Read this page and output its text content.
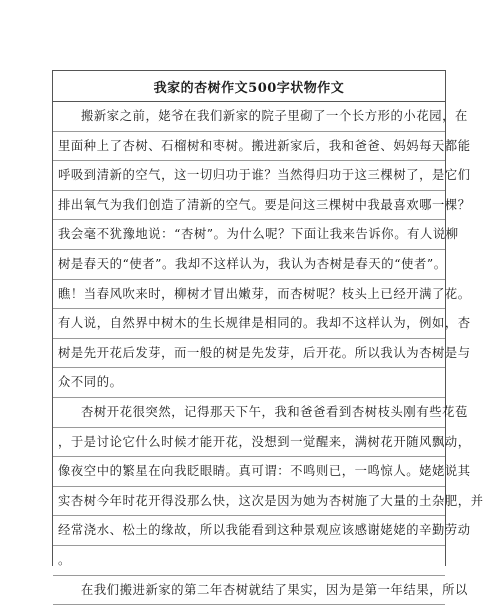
我家的杏树作文500字状物作文
搬新家之前，姥爷在我们新家的院子里砌了一个长方形的小花园，在
里面种上了杏树、石榴树和枣树。搬进新家后，我和爸爸、妈妈每天都能
呼吸到清新的空气，这一切归功于谁？当然得归功于这三棵树了，是它们
排出氧气为我们创造了清新的空气。要是问这三棵树中我最喜欢哪一棵？
我会毫不犹豫地说：“杏树”。为什么呢？下面让我来告诉你。有人说柳
树是春天的“使者”。我却不这样认为，我认为杏树是春天的“使者”。
瞧！当春风吹来时，柳树才冒出嫩芽，而杏树呢？枝头上已经开满了花。
有人说，自然界中树木的生长规律是相同的。我却不这样认为，例如，杏
树是先开花后发芽，而一般的树是先发芽，后开花。所以我认为杏树是与
众不同的。
杏树开花很突然，记得那天下午，我和爸爸看到杏树枝头刚有些花苞
，于是讨论它什么时候才能开花，没想到一觉醒来，满树花开随风飘动，
像夜空中的繁星在向我眨眼睛。真可谓：不鸣则已，一鸣惊人。姥姥说其
实杏树今年时花开得没那么快，这次是因为她为杏树施了大量的土杂肥，并
经常浇水、松土的缘故，所以我能看到这种景观应该感谢姥姥的辛勤劳动
。
在我们搬进新家的第二年杏树就结了果实，因为是第一年结果，所以
